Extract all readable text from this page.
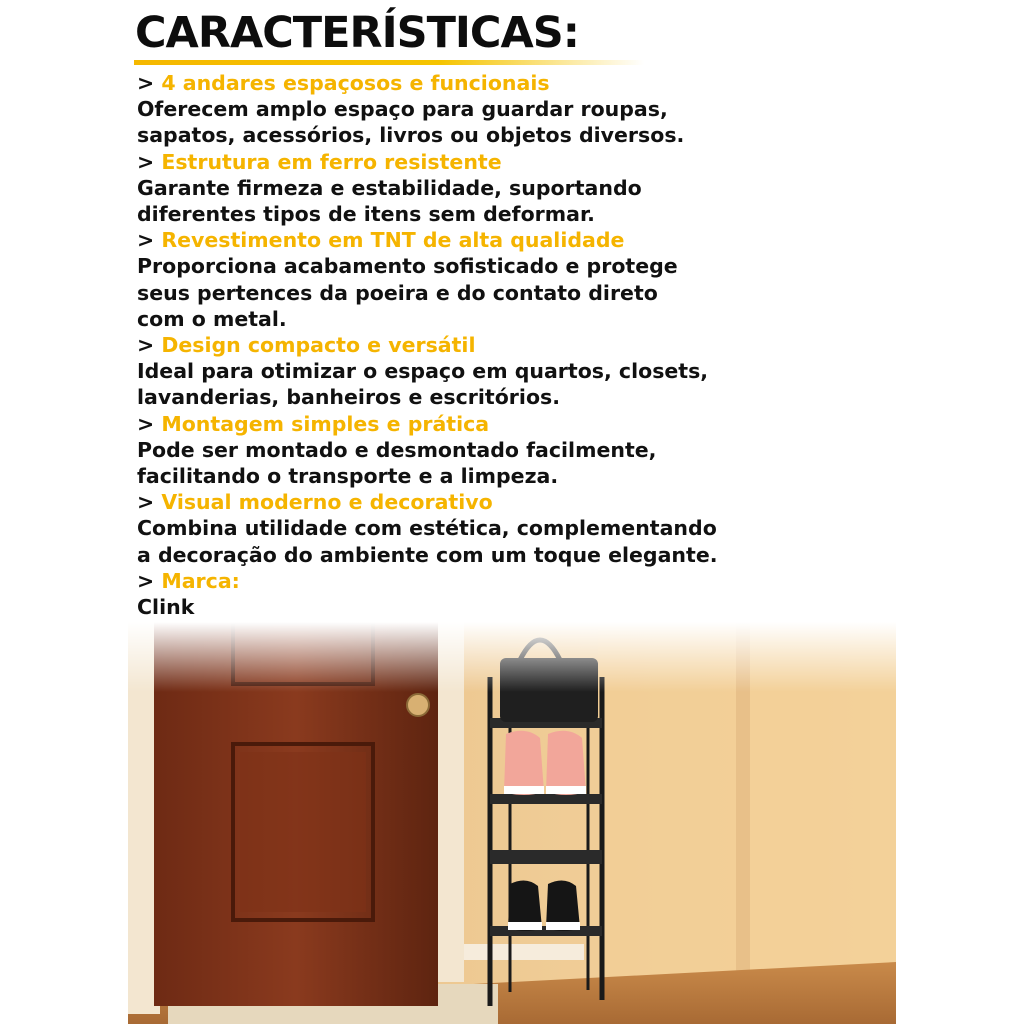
CARACTERÍSTICAS:
> 4 andares espaçosos e funcionais
Oferecem amplo espaço para guardar roupas,
sapatos, acessórios, livros ou objetos diversos.
> Estrutura em ferro resistente
Garante firmeza e estabilidade, suportando
diferentes tipos de itens sem deformar.
> Revestimento em TNT de alta qualidade
Proporciona acabamento sofisticado e protege
seus pertences da poeira e do contato direto
com o metal.
> Design compacto e versátil
Ideal para otimizar o espaço em quartos, closets,
lavanderias, banheiros e escritórios.
> Montagem simples e prática
Pode ser montado e desmontado facilmente,
facilitando o transporte e a limpeza.
> Visual moderno e decorativo
Combina utilidade com estética, complementando
a decoração do ambiente com um toque elegante.
> Marca:
Clink
